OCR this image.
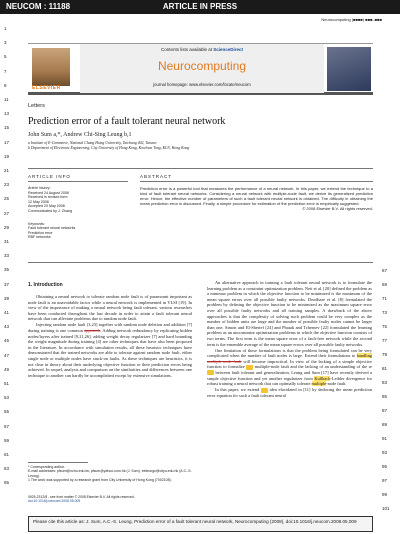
NEUCOM : 11188	ARTICLE IN PRESS
Neurocomputing (■■■■) ■■■–■■■
ELSEVIER
Contents lists available at ScienceDirect
Neurocomputing
journal homepage: www.elsevier.com/locate/neucom
1
3
5
7
9
11
13
15
17
19
21
23
25
27
29
31
33
35
37
39
41
43
45
47
49
51
53
55
57
59
61
63
65
67
69
71
73
75
77
79
81
83
85
87
89
91
93
95
97
99
101
Letters
Prediction error of a fault tolerant neural network
John Sum a,*, Andrew Chi-Sing Leung b,1
a Institute of E-Commerce, National Chung Hsing University, Taichung 402, Taiwan
b Department of Electronic Engineering, City University of Hong Kong, Kowloon Tong, KLN, Hong Kong
ARTICLE INFO	ABSTRACT
Article history:
Received 24 August 2006
Received in revised form
12 May 2008
Accepted 20 May 2008
Communicated by J. Zhang
Keywords:
Fault tolerant neural networks
Prediction error
RBF networks
Prediction error is a powerful tool that measures the performance of a neural network. In this paper, we extend the technique to a kind of fault tolerant neural networks. Considering a neural network with multiple-node fault, we derive its generalized prediction error. Hence, the effective number of parameters of such a fault tolerant neural network is obtained. The difficulty in obtaining the mean prediction error is discussed. Finally, a simple procedure for estimation of the prediction error is empirically suggested.
© 2008 Elsevier B.V. All rights reserved.
1. Introduction

Obtaining a neural network to tolerate random node fault is of paramount important as node fault is an unavoidable factor while a neural network is implemented in VLSI [19]. In view of the importance of making a neural network being fault tolerant, various researches have been conducted throughout the last decade in order to attain a fault tolerant neural network that can alleviate problems due to random node fault.

Injecting random node fault [3,23] together with random node deletion and addition [7] during training is one common appraoch. Adding network redundancy by replicating hidden nodes/layers after trained [9,21,26], adding weight decay regularizer [7] and hard bounding the weight magnitude during training [4] are other techniques that have also been proposed in the literature. In accordance with simulation results, all these heuristic techniques have demonstrated that the trained networks are able to tolerate against random node fault, either single node or multiple nodes have stuck-on faults. As these techniques are heuristics, it is not clear in theory about their underlying objective function or their prediction errors being achieved. In sequel, analysis and comparison on the similarities and differences between one technique to another can hardly be accomplished except by extensive simulations.

An alternative approach in training a fault tolerant neural network is to formulate the learning problem as a constraint optimization problem. Neti et al. [20] defined the problem as a minimax problem in which the objective function to be minimized is the maximum of the mean square errors over all possible faulty networks. Deodhare et al. [8] formulated the problem by defining the objective function to be minimized as the maximum square error over all possible faulty networks and all training samples. A drawback of the above approaches is that the complexity of solving such problem could be very complex as the number of hidden units are large and the number of possible faulty nodes cannot be larger than one. Simon and El-Sherief [24] and Phatak and Tchernev [22] formulated the learning problem as an unconstraint optimization problems in which the objective function consists of two terms. The first term is the mean square error of a fault-free network while the second term is the ensemble average of the mean square errors over all possible faulty networks.

One limitation of these formulations is that the problem being formulated can be very complicated when the number of fault nodes is large. Extend their formulations to handling multiple-node fault will become impractical. In view of the lacking of a simple objective function to formalize multiple-node fault and the lacking of an understanding of the re between fault tolerant and generalization, Leung and Sum [17] have recently derived a simple objective function and yet another regularizer from Kullback-Leibler divergence for robust training a neural network that can optimally tolerate multiple-node fault.

In this paper, we extend idea elucidated in [11] by deducing the mean prediction error equation for such a fault tolerant neural

* Corresponding author.
E-mail addresses: pfsum@nchu.edu.tw, pfsum@yahoo.com.hk (J. Sum), eeleungc@cityu.edu.hk (A.C.-S. Leung).
1 The work was supported by a research grant from City University of Hong Kong (7002108).
0925-2312/$ - see front matter © 2008 Elsevier B.V. All rights reserved.
doi:10.1016/j.neucom.2008.05.009
Please cite this article as: J. Sum, A.C.-S. Leung, Prediction error of a fault tolerant neural network, Neurocomputing (2008), doi:10.1016/j.neucom.2008.05.009
